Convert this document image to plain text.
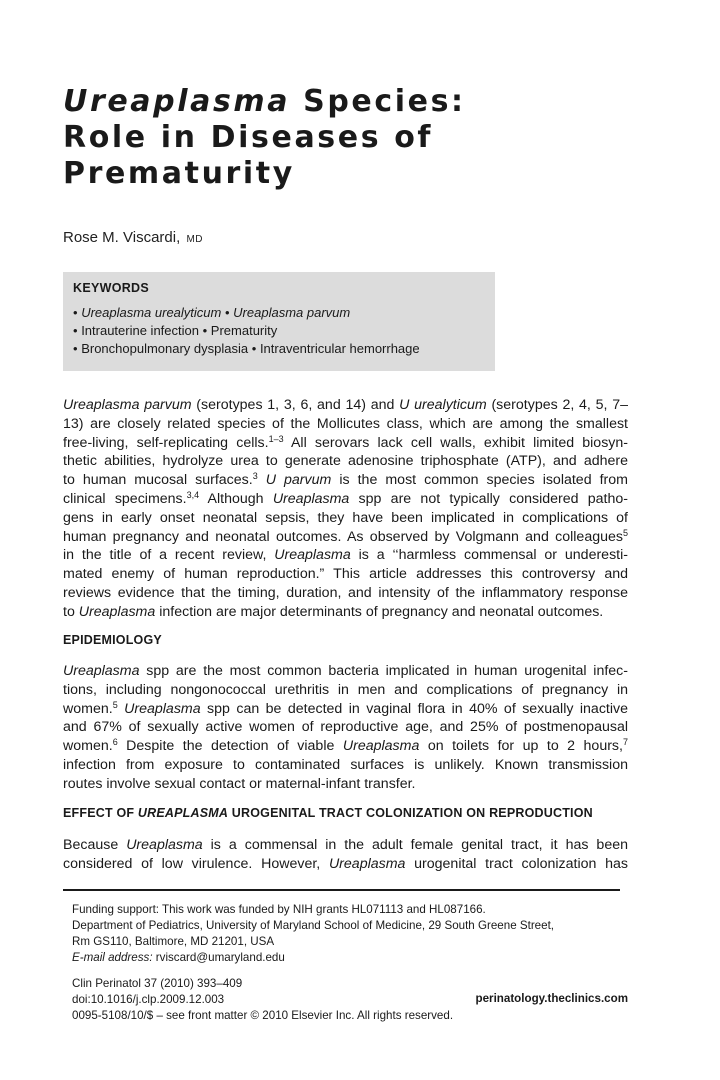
Ureaplasma Species:
Role in Diseases of
Prematurity
Rose M. Viscardi, MD
KEYWORDS
• Ureaplasma urealyticum • Ureaplasma parvum
• Intrauterine infection • Prematurity
• Bronchopulmonary dysplasia • Intraventricular hemorrhage
Ureaplasma parvum (serotypes 1, 3, 6, and 14) and U urealyticum (serotypes 2, 4, 5, 7–
13) are closely related species of the Mollicutes class, which are among the smallest
free-living, self-replicating cells.$^{1-3}$ All serovars lack cell walls, exhibit limited biosyn-
thetic abilities, hydrolyze urea to generate adenosine triphosphate (ATP), and adhere
to human mucosal surfaces.$^3$ U parvum is the most common species isolated from
clinical specimens.$^{3,4}$ Although Ureaplasma spp are not typically considered patho-
gens in early onset neonatal sepsis, they have been implicated in complications of
human pregnancy and neonatal outcomes. As observed by Volgmann and colleagues$^5$
in the title of a recent review, Ureaplasma is a ‘‘harmless commensal or underesti-
mated enemy of human reproduction.” This article addresses this controversy and
reviews evidence that the timing, duration, and intensity of the inflammatory response
to Ureaplasma infection are major determinants of pregnancy and neonatal outcomes.
EPIDEMIOLOGY
Ureaplasma spp are the most common bacteria implicated in human urogenital infec-
tions, including nongonococcal urethritis in men and complications of pregnancy in
women.$^5$ Ureaplasma spp can be detected in vaginal flora in 40% of sexually inactive
and 67% of sexually active women of reproductive age, and 25% of postmenopausal
women.$^6$ Despite the detection of viable Ureaplasma on toilets for up to 2 hours,$^7$
infection from exposure to contaminated surfaces is unlikely. Known transmission
routes involve sexual contact or maternal-infant transfer.
EFFECT OF UREAPLASMA UROGENITAL TRACT COLONIZATION ON REPRODUCTION
Because Ureaplasma is a commensal in the adult female genital tract, it has been
considered of low virulence. However, Ureaplasma urogenital tract colonization has
Funding support: This work was funded by NIH grants HL071113 and HL087166.
Department of Pediatrics, University of Maryland School of Medicine, 29 South Greene Street,
Rm GS110, Baltimore, MD 21201, USA
E-mail address: rviscard@umaryland.edu
Clin Perinatol 37 (2010) 393–409
doi:10.1016/j.clp.2009.12.003
0095-5108/10/$ – see front matter © 2010 Elsevier Inc. All rights reserved.
perinatology.theclinics.com
